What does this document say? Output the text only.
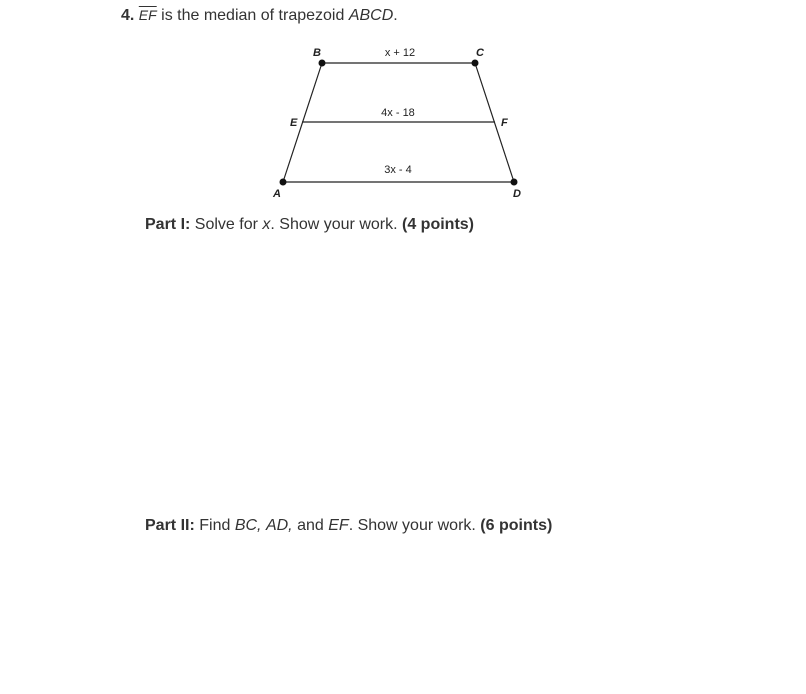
4. $\overline{EF}$ is the median of trapezoid ABCD.
B	C
A	D
E	F
x + 12
4x - 18
3x - 4
Part I: Solve for x. Show your work. (4 points)
Part II: Find BC, AD, and EF. Show your work. (6 points)
